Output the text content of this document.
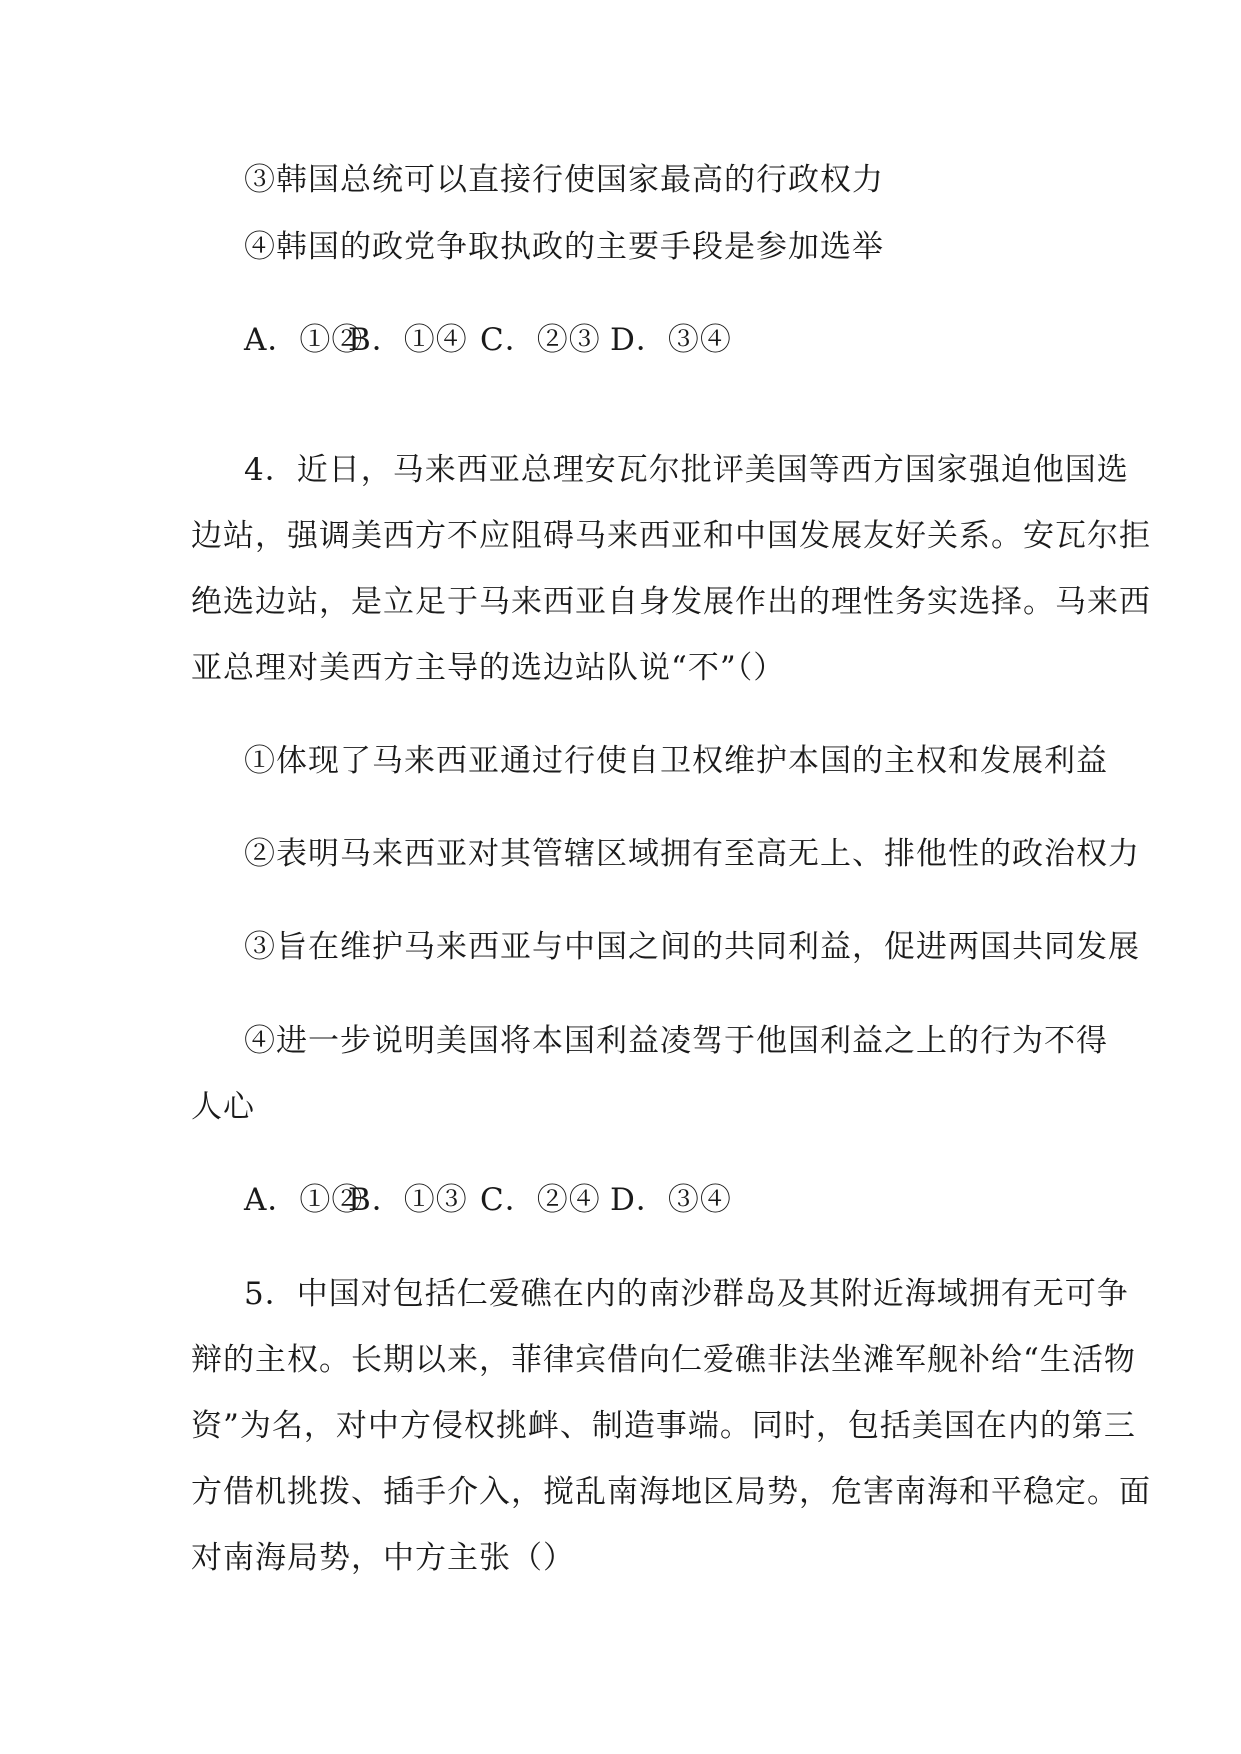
③韩国总统可以直接行使国家最高的行政权力
④韩国的政党争取执政的主要手段是参加选举
A．①②B．①④ C．②③ D．③④
4．近日，马来西亚总理安瓦尔批评美国等西方国家强迫他国选
边站，强调美西方不应阻碍马来西亚和中国发展友好关系。安瓦尔拒
绝选边站，是立足于马来西亚自身发展作出的理性务实选择。马来西
亚总理对美西方主导的选边站队说“不”（）
①体现了马来西亚通过行使自卫权维护本国的主权和发展利益
②表明马来西亚对其管辖区域拥有至高无上、排他性的政治权力
③旨在维护马来西亚与中国之间的共同利益，促进两国共同发展
④进一步说明美国将本国利益凌驾于他国利益之上的行为不得
人心
A．①②B．①③ C．②④ D．③④
5．中国对包括仁爱礁在内的南沙群岛及其附近海域拥有无可争
辩的主权。长期以来，菲律宾借向仁爱礁非法坐滩军舰补给“生活物
资”为名，对中方侵权挑衅、制造事端。同时，包括美国在内的第三
方借机挑拨、插手介入，搅乱南海地区局势，危害南海和平稳定。面
对南海局势，中方主张（）
